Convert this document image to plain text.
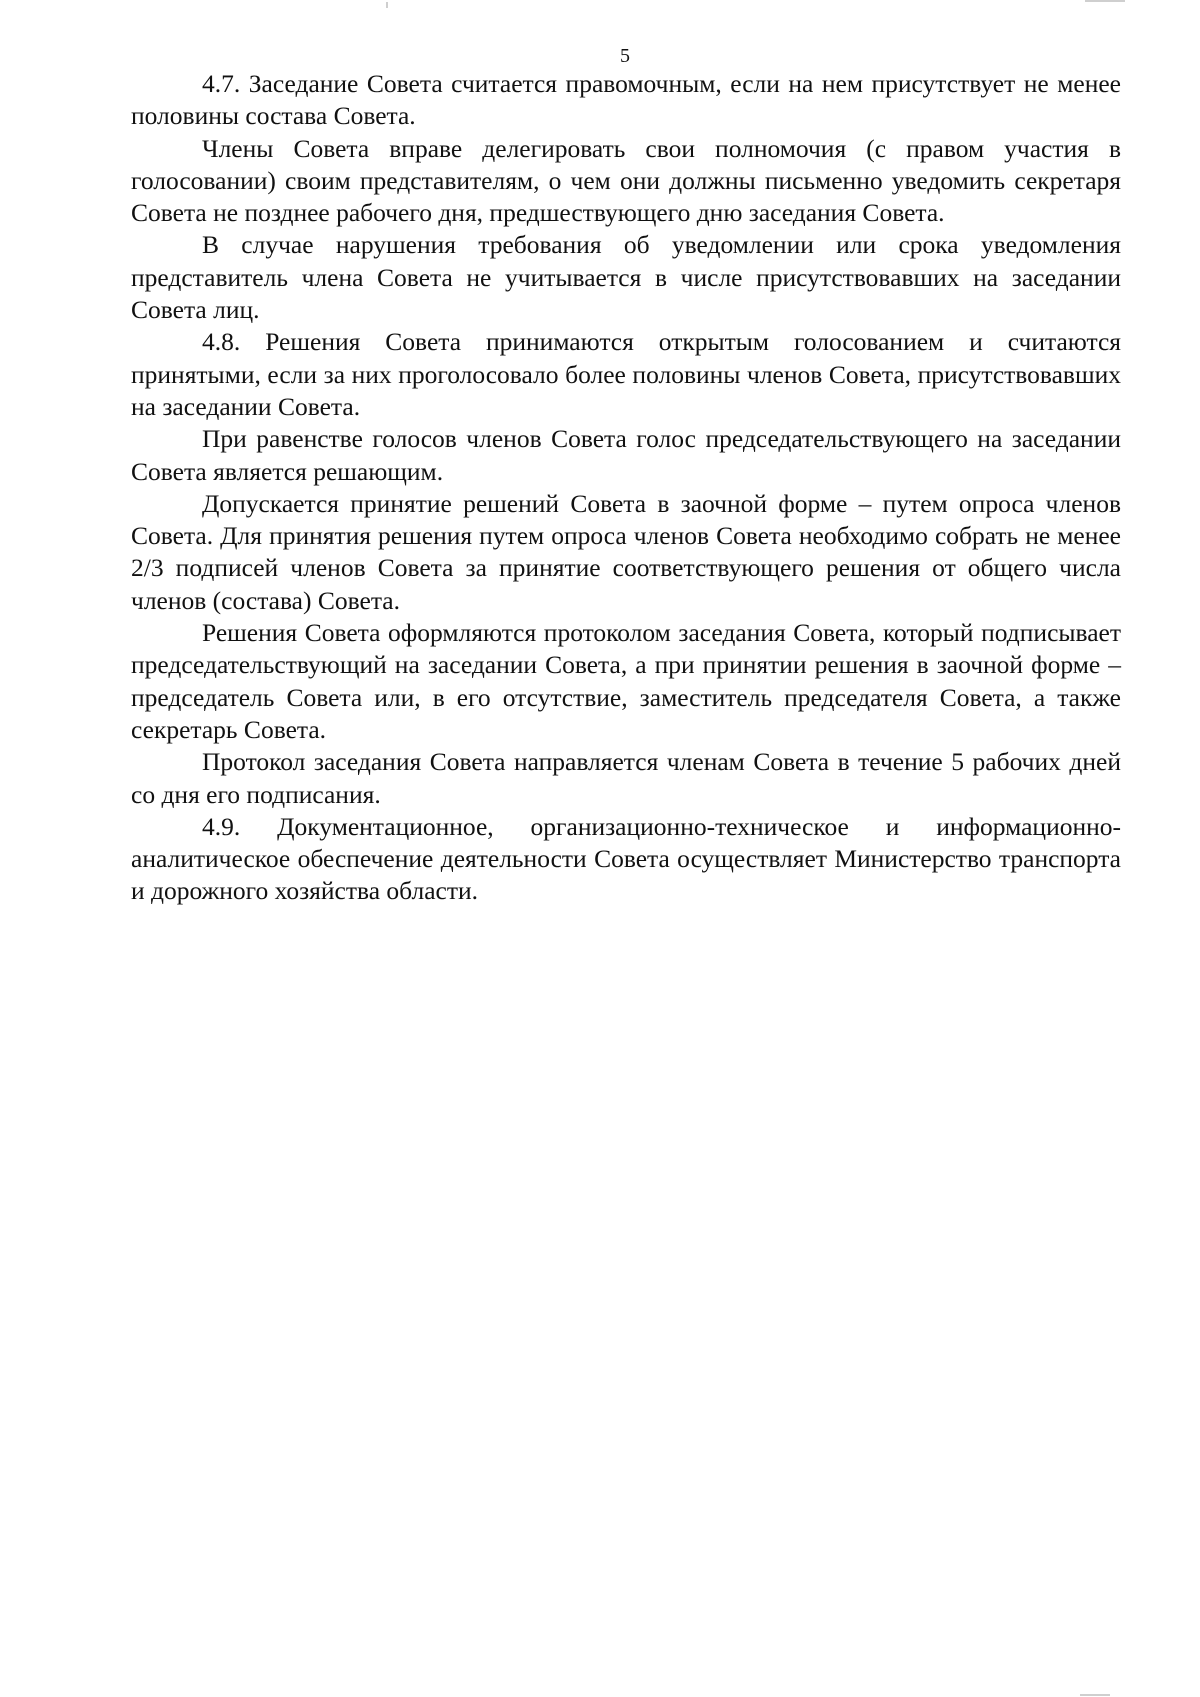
5

4.7. Заседание Совета считается правомочным, если на нем присутствует не менее половины состава Совета.

Члены Совета вправе делегировать свои полномочия (с правом участия в голосовании) своим представителям, о чем они должны письменно уведомить секретаря Совета не позднее рабочего дня, предшествующего дню заседания Совета.

В случае нарушения требования об уведомлении или срока уведомления представитель члена Совета не учитывается в числе присутствовавших на заседании Совета лиц.

4.8. Решения Совета принимаются открытым голосованием и считаются принятыми, если за них проголосовало более половины членов Совета, присутствовавших на заседании Совета.

При равенстве голосов членов Совета голос председательствующего на заседании Совета является решающим.

Допускается принятие решений Совета в заочной форме – путем опроса членов Совета. Для принятия решения путем опроса членов Совета необходимо собрать не менее 2/3 подписей членов Совета за принятие соответствующего решения от общего числа членов (состава) Совета.

Решения Совета оформляются протоколом заседания Совета, который подписывает председательствующий на заседании Совета, а при принятии решения в заочной форме – председатель Совета или, в его отсутствие, заместитель председателя Совета, а также секретарь Совета.

Протокол заседания Совета направляется членам Совета в течение 5 рабочих дней со дня его подписания.

4.9. Документационное, организационно-техническое и информационно-аналитическое обеспечение деятельности Совета осуществляет Министерство транспорта и дорожного хозяйства области.
